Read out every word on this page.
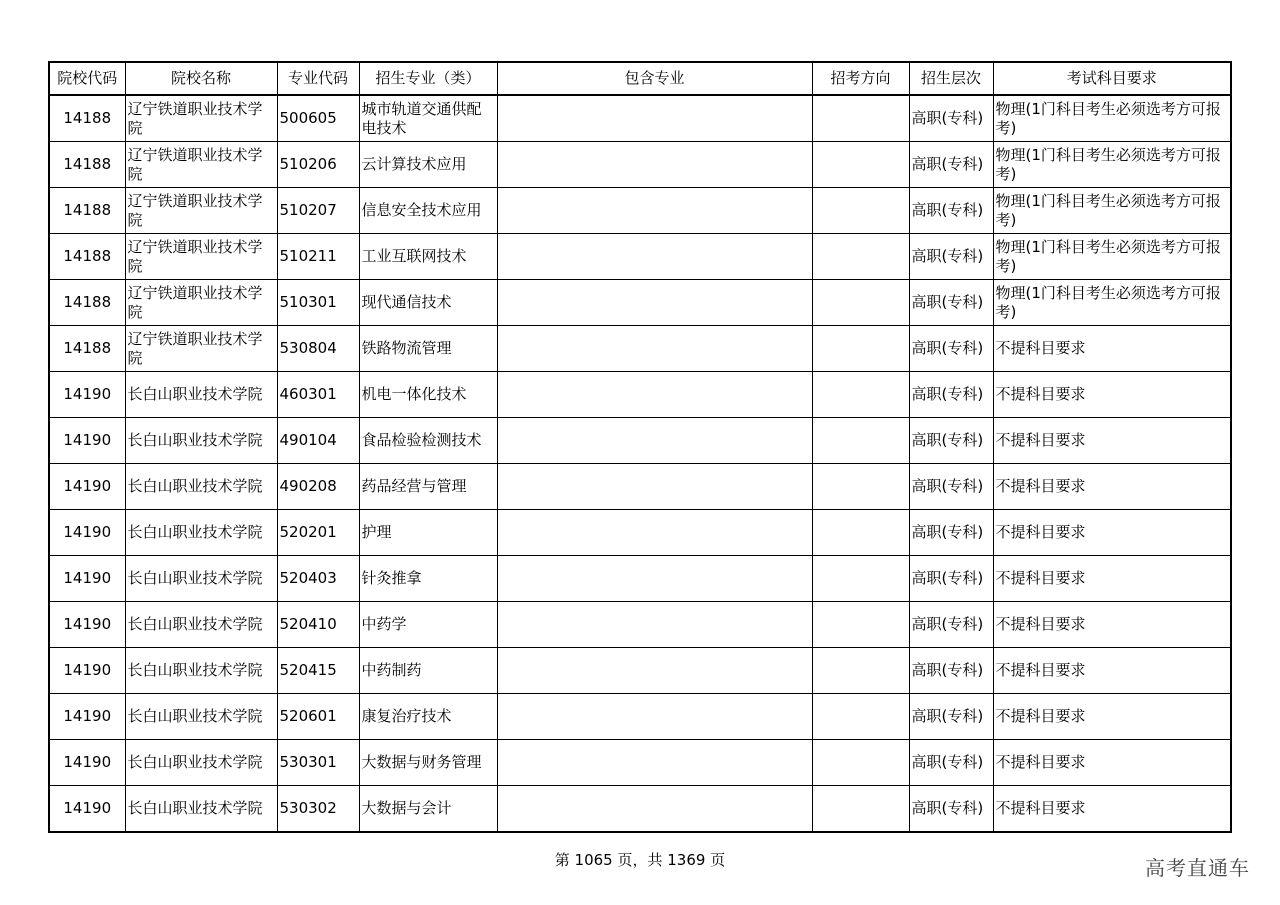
院校代码	院校名称	专业代码	招生专业（类）	包含专业	招考方向	招生层次	考试科目要求
14188	辽宁铁道职业技术学院	500605	城市轨道交通供配电技术			高职(专科)	物理(1门科目考生必须选考方可报考)
14188	辽宁铁道职业技术学院	510206	云计算技术应用			高职(专科)	物理(1门科目考生必须选考方可报考)
14188	辽宁铁道职业技术学院	510207	信息安全技术应用			高职(专科)	物理(1门科目考生必须选考方可报考)
14188	辽宁铁道职业技术学院	510211	工业互联网技术			高职(专科)	物理(1门科目考生必须选考方可报考)
14188	辽宁铁道职业技术学院	510301	现代通信技术			高职(专科)	物理(1门科目考生必须选考方可报考)
14188	辽宁铁道职业技术学院	530804	铁路物流管理			高职(专科)	不提科目要求
14190	长白山职业技术学院	460301	机电一体化技术			高职(专科)	不提科目要求
14190	长白山职业技术学院	490104	食品检验检测技术			高职(专科)	不提科目要求
14190	长白山职业技术学院	490208	药品经营与管理			高职(专科)	不提科目要求
14190	长白山职业技术学院	520201	护理			高职(专科)	不提科目要求
14190	长白山职业技术学院	520403	针灸推拿			高职(专科)	不提科目要求
14190	长白山职业技术学院	520410	中药学			高职(专科)	不提科目要求
14190	长白山职业技术学院	520415	中药制药			高职(专科)	不提科目要求
14190	长白山职业技术学院	520601	康复治疗技术			高职(专科)	不提科目要求
14190	长白山职业技术学院	530301	大数据与财务管理			高职(专科)	不提科目要求
14190	长白山职业技术学院	530302	大数据与会计			高职(专科)	不提科目要求
第 1065 页，共 1369 页	高考直通车
